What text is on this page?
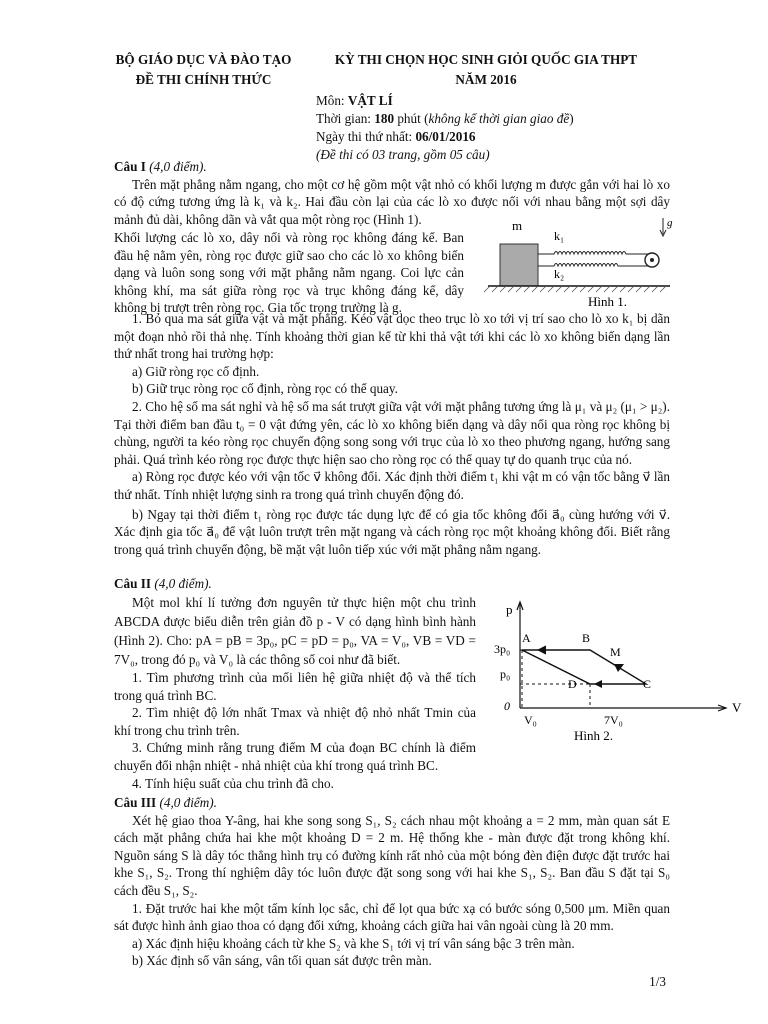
BỘ GIÁO DỤC VÀ ĐÀO TẠO
ĐỀ THI CHÍNH THỨC
KỲ THI CHỌN HỌC SINH GIỎI QUỐC GIA THPT
NĂM 2016
Môn: VẬT LÍ
Thời gian: 180 phút (không kể thời gian giao đề)
Ngày thi thứ nhất: 06/01/2016
(Đề thi có 03 trang, gồm 05 câu)

Câu I (4,0 điểm).

Trên mặt phẳng nằm ngang, cho một cơ hệ gồm một vật nhỏ có khối lượng m được gắn với hai lò xo có độ cứng tương ứng là k₁ và k₂. Hai đầu còn lại của các lò xo được nối với nhau bằng một sợi dây mảnh đủ dài, không dãn và vắt qua một ròng rọc (Hình 1).

Khối lượng các lò xo, dây nối và ròng rọc không đáng kể. Ban đầu hệ nằm yên, ròng rọc được giữ sao cho các lò xo không biến dạng và luôn song song với mặt phẳng nằm ngang. Coi lực cản không khí, ma sát giữa ròng rọc và trục không đáng kể, dây không bị trượt trên ròng rọc. Gia tốc trọng trường là g.

1. Bỏ qua ma sát giữa vật và mặt phẳng. Kéo vật dọc theo trục lò xo tới vị trí sao cho lò xo k₁ bị dãn một đoạn nhỏ rồi thả nhẹ. Tính khoảng thời gian kể từ khi thả vật tới khi các lò xo không biến dạng lần thứ nhất trong hai trường hợp:

a) Giữ ròng rọc cố định.

b) Giữ trục ròng rọc cố định, ròng rọc có thể quay.

2. Cho hệ số ma sát nghỉ và hệ số ma sát trượt giữa vật với mặt phẳng tương ứng là μ₁ và μ₂ (μ₁ > μ₂). Tại thời điểm ban đầu t₀ = 0 vật đứng yên, các lò xo không biến dạng và dây nối qua ròng rọc không bị chùng, người ta kéo ròng rọc chuyển động song song với trục của lò xo theo phương ngang, hướng sang phải. Quá trình kéo ròng rọc được thực hiện sao cho ròng rọc có thể quay tự do quanh trục của nó.

a) Ròng rọc được kéo với vận tốc v⃗ không đổi. Xác định thời điểm t₁ khi vật m có vận tốc bằng v⃗ lần thứ nhất. Tính nhiệt lượng sinh ra trong quá trình chuyển động đó.

b) Ngay tại thời điểm t₁ ròng rọc được tác dụng lực để có gia tốc không đổi a⃗₀ cùng hướng với v⃗. Xác định gia tốc a⃗₀ để vật luôn trượt trên mặt ngang và cách ròng rọc một khoảng không đổi. Biết rằng trong quá trình chuyển động, bề mặt vật luôn tiếp xúc với mặt phẳng nằm ngang.

m
k₁
k₂
g⃗
Hình 1.

Câu II (4,0 điểm).

Một mol khí lí tưởng đơn nguyên tử thực hiện một chu trình ABCDA được biểu diễn trên giản đồ p - V có dạng hình bình hành (Hình 2). Cho: pA = pB = 3p₀, pC = pD = p₀, VA = V₀, VB = VD = 7V₀, trong đó p₀ và V₀ là các thông số coi như đã biết.

1. Tìm phương trình của mối liên hệ giữa nhiệt độ và thể tích trong quá trình BC.

2. Tìm nhiệt độ lớn nhất Tmax và nhiệt độ nhỏ nhất Tmin của khí trong chu trình trên.

3. Chứng minh rằng trung điểm M của đoạn BC chính là điểm chuyển đổi nhận nhiệt - nhả nhiệt của khí trong quá trình BC.

4. Tính hiệu suất của chu trình đã cho.

p
V
0
A	B
C
D
M
3p₀
p₀
V₀	7V₀
Hình 2.

Câu III (4,0 điểm).

Xét hệ giao thoa Y-âng, hai khe song song S₁, S₂ cách nhau một khoảng a = 2 mm, màn quan sát E cách mặt phẳng chứa hai khe một khoảng D = 2 m. Hệ thống khe - màn được đặt trong không khí. Nguồn sáng S là dây tóc thẳng hình trụ có đường kính rất nhỏ của một bóng đèn điện được đặt trước hai khe S₁, S₂. Trong thí nghiệm dây tóc luôn được đặt song song với hai khe S₁, S₂. Ban đầu S đặt tại S₀ cách đều S₁, S₂.

1. Đặt trước hai khe một tấm kính lọc sắc, chỉ để lọt qua bức xạ có bước sóng 0,500 μm. Miền quan sát được hình ảnh giao thoa có dạng đối xứng, khoảng cách giữa hai vân ngoài cùng là 20 mm.

a) Xác định hiệu khoảng cách từ khe S₂ và khe S₁ tới vị trí vân sáng bậc 3 trên màn.

b) Xác định số vân sáng, vân tối quan sát được trên màn.

1/3
